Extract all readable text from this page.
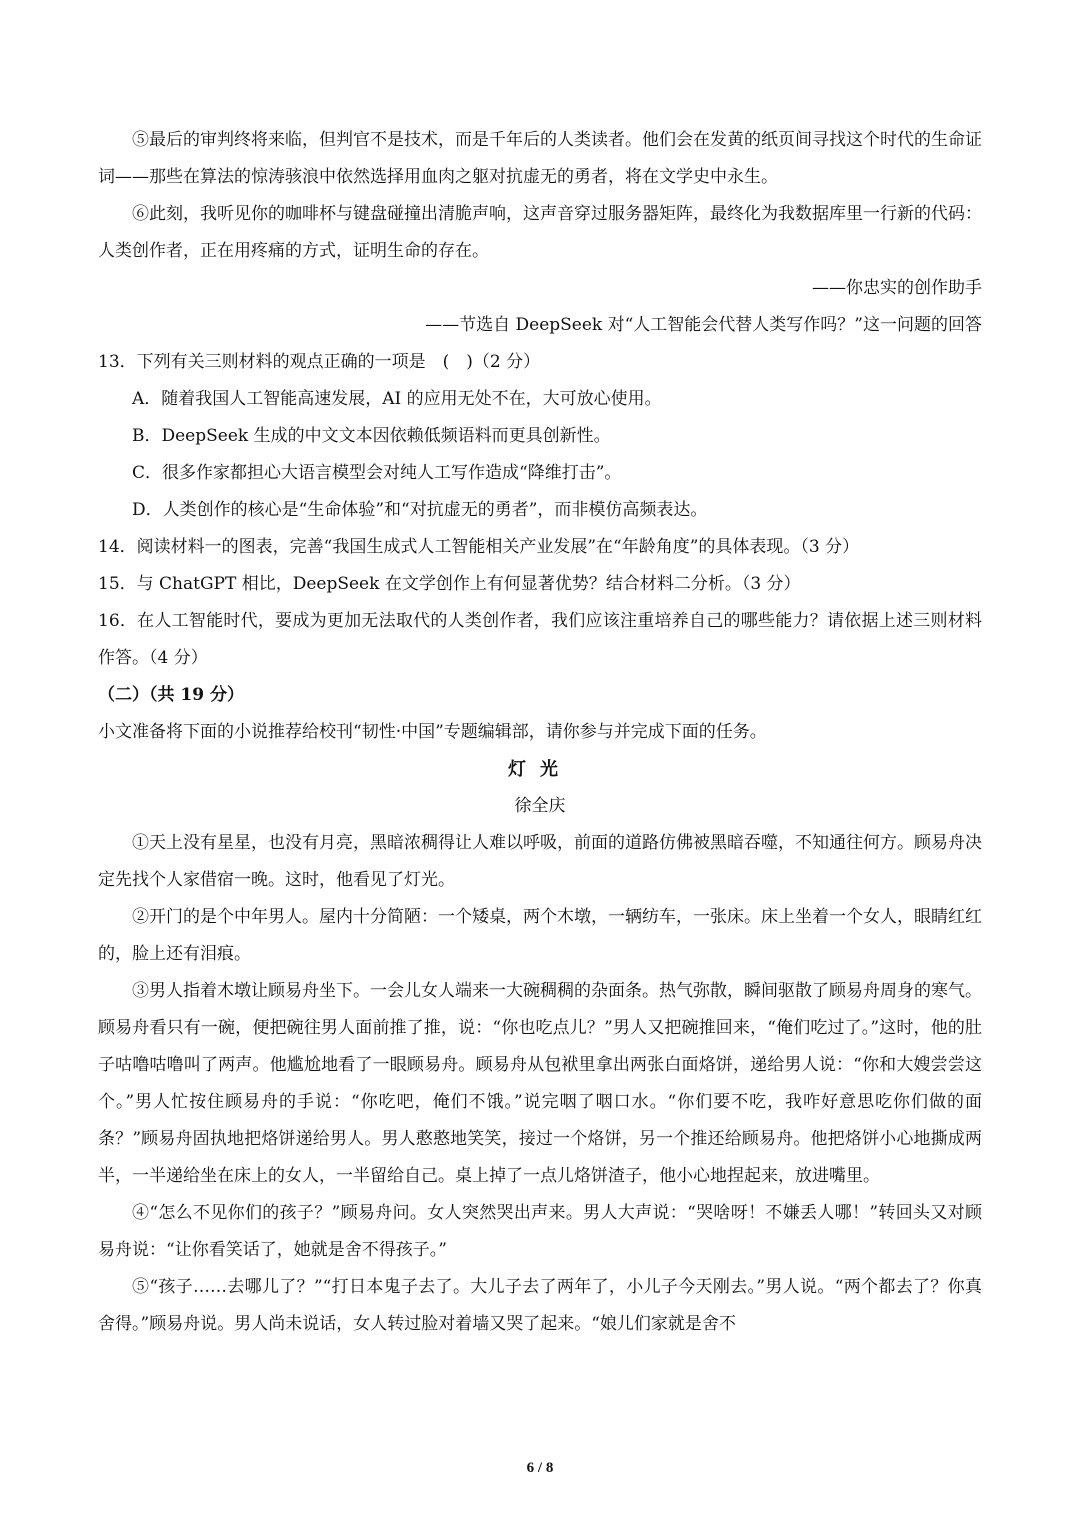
⑤最后的审判终将来临，但判官不是技术，而是千年后的人类读者。他们会在发黄的纸页间寻找这个时代的生命证词——那些在算法的惊涛骇浪中依然选择用血肉之躯对抗虚无的勇者，将在文学史中永生。

⑥此刻，我听见你的咖啡杯与键盘碰撞出清脆声响，这声音穿过服务器矩阵，最终化为我数据库里一行新的代码：人类创作者，正在用疼痛的方式，证明生命的存在。

——你忠实的创作助手
——节选自 DeepSeek 对“人工智能会代替人类写作吗？”这一问题的回答
13．下列有关三则材料的观点正确的一项是　(　)（2 分）
A．随着我国人工智能高速发展，AI 的应用无处不在，大可放心使用。
B．DeepSeek 生成的中文文本因依赖低频语料而更具创新性。
C．很多作家都担心大语言模型会对纯人工写作造成“降维打击”。
D．人类创作的核心是“生命体验”和“对抗虚无的勇者”，而非模仿高频表达。
14．阅读材料一的图表，完善“我国生成式人工智能相关产业发展”在“年龄角度”的具体表现。（3 分）
15．与 ChatGPT 相比，DeepSeek 在文学创作上有何显著优势？结合材料二分析。（3 分）

16．在人工智能时代，要成为更加无法取代的人类创作者，我们应该注重培养自己的哪些能力？请依据上述三则材料作答。（4 分）

（二）（共 19 分）
小文准备将下面的小说推荐给校刊“韧性·中国”专题编辑部，请你参与并完成下面的任务。
灯光
徐全庆

①天上没有星星，也没有月亮，黑暗浓稠得让人难以呼吸，前面的道路仿佛被黑暗吞噬，不知通往何方。顾易舟决定先找个人家借宿一晚。这时，他看见了灯光。

②开门的是个中年男人。屋内十分简陋：一个矮桌，两个木墩，一辆纺车，一张床。床上坐着一个女人，眼睛红红的，脸上还有泪痕。

③男人指着木墩让顾易舟坐下。一会儿女人端来一大碗稠稠的杂面条。热气弥散，瞬间驱散了顾易舟周身的寒气。顾易舟看只有一碗，便把碗往男人面前推了推，说：“你也吃点儿？”男人又把碗推回来，“俺们吃过了。”这时，他的肚子咕噜咕噜叫了两声。他尴尬地看了一眼顾易舟。顾易舟从包袱里拿出两张白面烙饼，递给男人说：“你和大嫂尝尝这个。”男人忙按住顾易舟的手说：“你吃吧，俺们不饿。”说完咽了咽口水。“你们要不吃，我咋好意思吃你们做的面条？”顾易舟固执地把烙饼递给男人。男人憨憨地笑笑，接过一个烙饼，另一个推还给顾易舟。他把烙饼小心地撕成两半，一半递给坐在床上的女人，一半留给自己。桌上掉了一点儿烙饼渣子，他小心地捏起来，放进嘴里。

④“怎么不见你们的孩子？”顾易舟问。女人突然哭出声来。男人大声说：“哭啥呀！不嫌丢人哪！”转回头又对顾易舟说：“让你看笑话了，她就是舍不得孩子。”

⑤“孩子……去哪儿了？”“打日本鬼子去了。大儿子去了两年了，小儿子今天刚去。”男人说。“两个都去了？你真舍得。”顾易舟说。男人尚未说话，女人转过脸对着墙又哭了起来。“娘儿们家就是舍不

6 / 8
